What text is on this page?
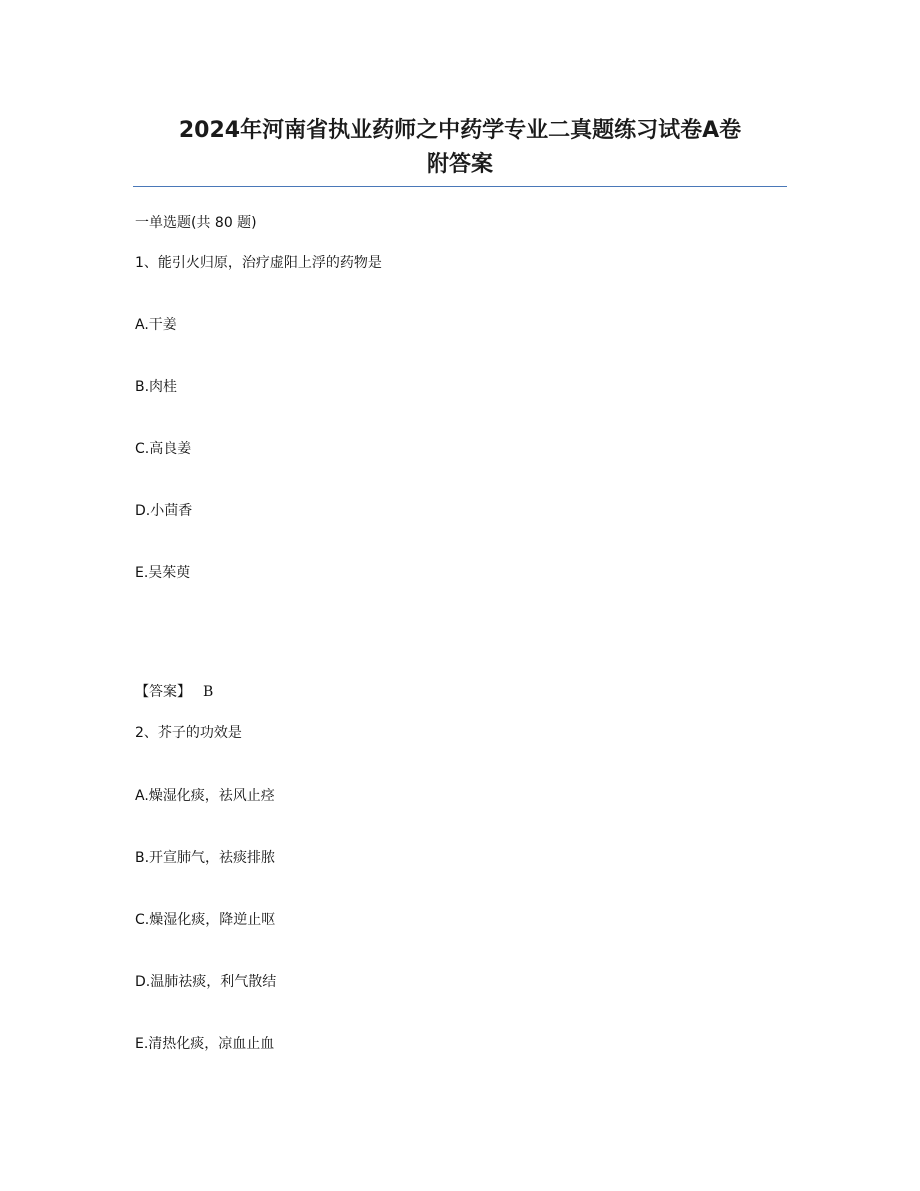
2024年河南省执业药师之中药学专业二真题练习试卷A卷
附答案
一单选题(共 80 题)
1、能引火归原，治疗虚阳上浮的药物是
A.干姜
B.肉桂
C.高良姜
D.小茴香
E.吴茱萸
【答案】 B
2、芥子的功效是
A.燥湿化痰，祛风止痉
B.开宣肺气，祛痰排脓
C.燥湿化痰，降逆止呕
D.温肺祛痰，利气散结
E.清热化痰，凉血止血
